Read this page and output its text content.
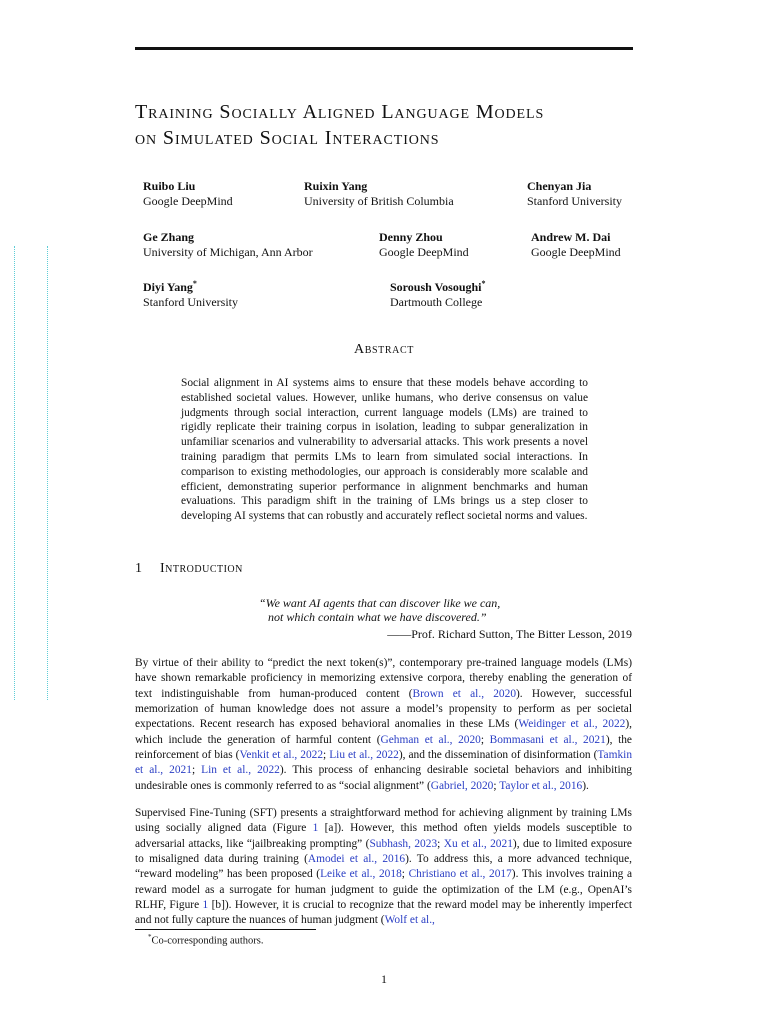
Training Socially Aligned Language Models
on Simulated Social Interactions
Ruibo Liu
Google DeepMind
Ruixin Yang
University of British Columbia
Chenyan Jia
Stanford University
Ge Zhang
University of Michigan, Ann Arbor
Denny Zhou
Google DeepMind
Andrew M. Dai
Google DeepMind
Diyi Yang*
Stanford University
Soroush Vosoughi*
Dartmouth College
Abstract
Social alignment in AI systems aims to ensure that these models behave according to established societal values. However, unlike humans, who derive consensus on value judgments through social interaction, current language models (LMs) are trained to rigidly replicate their training corpus in isolation, leading to subpar generalization in unfamiliar scenarios and vulnerability to adversarial attacks. This work presents a novel training paradigm that permits LMs to learn from simulated social interactions. In comparison to existing methodologies, our approach is considerably more scalable and efficient, demonstrating superior performance in alignment benchmarks and human evaluations. This paradigm shift in the training of LMs brings us a step closer to developing AI systems that can robustly and accurately reflect societal norms and values.
1 Introduction
“We want AI agents that can discover like we can,
not which contain what we have discovered.”
——Prof. Richard Sutton, The Bitter Lesson, 2019
By virtue of their ability to “predict the next token(s)”, contemporary pre-trained language models (LMs) have shown remarkable proficiency in memorizing extensive corpora, thereby enabling the generation of text indistinguishable from human-produced content (Brown et al., 2020). However, successful memorization of human knowledge does not assure a model’s propensity to perform as per societal expectations. Recent research has exposed behavioral anomalies in these LMs (Weidinger et al., 2022), which include the generation of harmful content (Gehman et al., 2020; Bommasani et al., 2021), the reinforcement of bias (Venkit et al., 2022; Liu et al., 2022), and the dissemination of disinformation (Tamkin et al., 2021; Lin et al., 2022). This process of enhancing desirable societal behaviors and inhibiting undesirable ones is commonly referred to as “social alignment” (Gabriel, 2020; Taylor et al., 2016).
Supervised Fine-Tuning (SFT) presents a straightforward method for achieving alignment by training LMs using socially aligned data (Figure 1 [a]). However, this method often yields models susceptible to adversarial attacks, like “jailbreaking prompting” (Subhash, 2023; Xu et al., 2021), due to limited exposure to misaligned data during training (Amodei et al., 2016). To address this, a more advanced technique, “reward modeling” has been proposed (Leike et al., 2018; Christiano et al., 2017). This involves training a reward model as a surrogate for human judgment to guide the optimization of the LM (e.g., OpenAI’s RLHF, Figure 1 [b]). However, it is crucial to recognize that the reward model may be inherently imperfect and not fully capture the nuances of human judgment (Wolf et al.,
*Co-corresponding authors.
1
